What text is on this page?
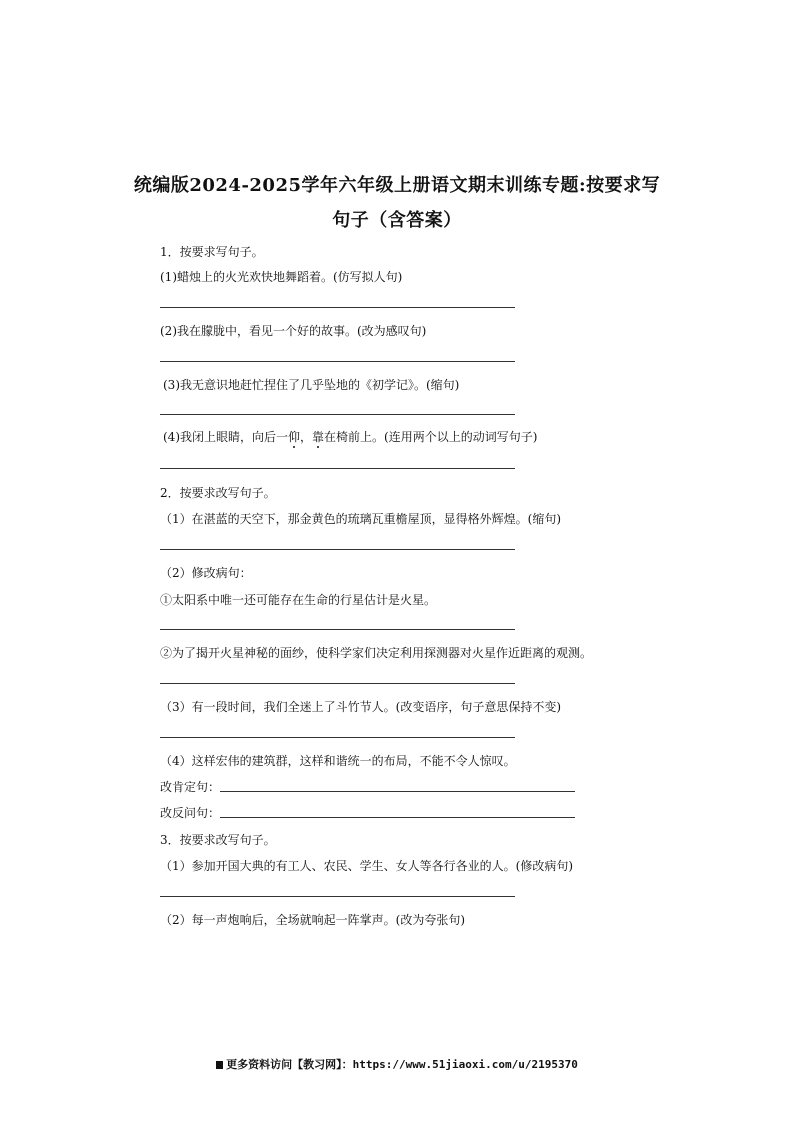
统编版2024-2025学年六年级上册语文期末训练专题:按要求写
句子（含答案）
1．按要求写句子。
(1)蜡烛上的火光欢快地舞蹈着。(仿写拟人句)
(2)我在朦胧中，看见一个好的故事。(改为感叹句)
(3)我无意识地赶忙捏住了几乎坠地的《初学记》。(缩句)
(4)我闭上眼睛，向后一仰，靠在椅前上。(连用两个以上的动词写句子)
2．按要求改写句子。
（1）在湛蓝的天空下，那金黄色的琉璃瓦重檐屋顶，显得格外辉煌。(缩句)
（2）修改病句：
①太阳系中唯一还可能存在生命的行星估计是火星。
②为了揭开火星神秘的面纱，使科学家们决定利用探测器对火星作近距离的观测。
（3）有一段时间，我们全迷上了斗竹节人。(改变语序，句子意思保持不变)
（4）这样宏伟的建筑群，这样和谐统一的布局，不能不令人惊叹。
改肯定句：
改反问句：
3．按要求改写句子。
（1）参加开国大典的有工人、农民、学生、女人等各行各业的人。(修改病句)
（2）每一声炮响后，全场就响起一阵掌声。(改为夸张句)
更多资料访问【教习网】：https://www.51jiaoxi.com/u/2195370
